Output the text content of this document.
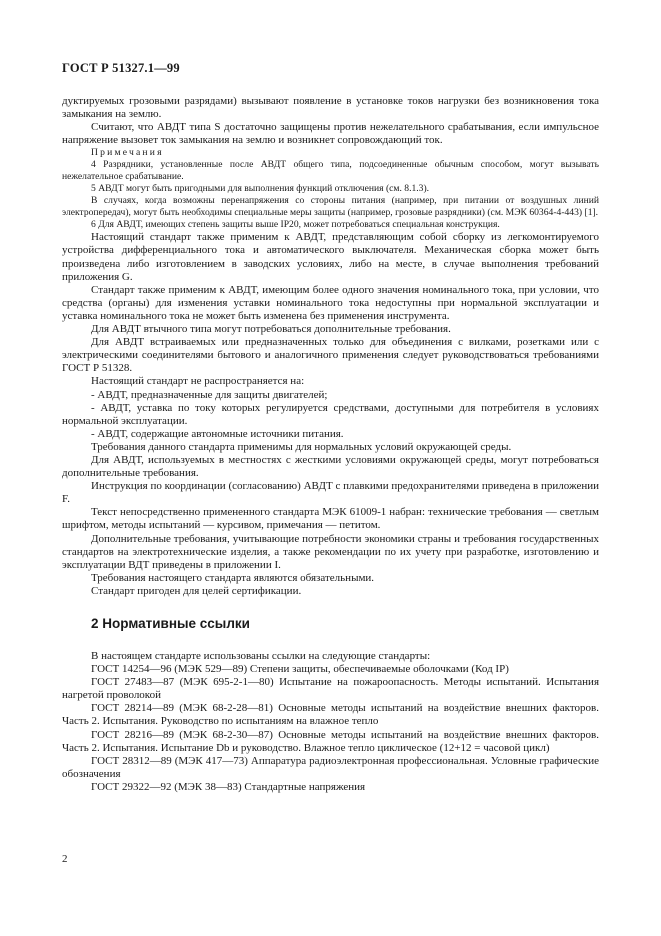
ГОСТ Р 51327.1—99

дуктируемых грозовыми разрядами) вызывают появление в установке токов нагрузки без возникновения тока замыкания на землю.

Считают, что АВДТ типа S достаточно защищены против нежелательного срабатывания, если импульсное напряжение вызовет ток замыкания на землю и возникнет сопровождающий ток.

Примечания

4 Разрядники, установленные после АВДТ общего типа, подсоединенные обычным способом, могут вызывать нежелательное срабатывание.

5 АВДТ могут быть пригодными для выполнения функций отключения (см. 8.1.3).

В случаях, когда возможны перенапряжения со стороны питания (например, при питании от воздушных линий электропередач), могут быть необходимы специальные меры защиты (например, грозовые разрядники) (см. МЭК 60364-4-443) [1].

6 Для АВДТ, имеющих степень защиты выше IP20, может потребоваться специальная конструкция.

Настоящий стандарт также применим к АВДТ, представляющим собой сборку из легкомонтируемого устройства дифференциального тока и автоматического выключателя. Механическая сборка может быть произведена либо изготовлением в заводских условиях, либо на месте, в случае выполнения требований приложения G.

Стандарт также применим к АВДТ, имеющим более одного значения номинального тока, при условии, что средства (органы) для изменения уставки номинального тока недоступны при нормальной эксплуатации и уставка номинального тока не может быть изменена без применения инструмента.

Для АВДТ втычного типа могут потребоваться дополнительные требования.

Для АВДТ встраиваемых или предназначенных только для объединения с вилками, розетками или с электрическими соединителями бытового и аналогичного применения следует руководствоваться требованиями ГОСТ Р 51328.

Настоящий стандарт не распространяется на:

- АВДТ, предназначенные для защиты двигателей;

- АВДТ, уставка по току которых регулируется средствами, доступными для потребителя в условиях нормальной эксплуатации.

- АВДТ, содержащие автономные источники питания.

Требования данного стандарта применимы для нормальных условий окружающей среды.

Для АВДТ, используемых в местностях с жесткими условиями окружающей среды, могут потребоваться дополнительные требования.

Инструкция по координации (согласованию) АВДТ с плавкими предохранителями приведена в приложении F.

Текст непосредственно примененного стандарта МЭК 61009-1 набран: технические требования — светлым шрифтом, методы испытаний — курсивом, примечания — петитом.

Дополнительные требования, учитывающие потребности экономики страны и требования государственных стандартов на электротехнические изделия, а также рекомендации по их учету при разработке, изготовлению и эксплуатации ВДТ приведены в приложении I.

Требования настоящего стандарта являются обязательными.

Стандарт пригоден для целей сертификации.

2 Нормативные ссылки

В настоящем стандарте использованы ссылки на следующие стандарты:

ГОСТ 14254—96 (МЭК 529—89) Степени защиты, обеспечиваемые оболочками (Код IP)

ГОСТ 27483—87 (МЭК 695-2-1—80) Испытание на пожароопасность. Методы испытаний. Испытания нагретой проволокой

ГОСТ 28214—89 (МЭК 68-2-28—81) Основные методы испытаний на воздействие внешних факторов. Часть 2. Испытания. Руководство по испытаниям на влажное тепло

ГОСТ 28216—89 (МЭК 68-2-30—87) Основные методы испытаний на воздействие внешних факторов. Часть 2. Испытания. Испытание Db и руководство. Влажное тепло циклическое (12+12 = часовой цикл)

ГОСТ 28312—89 (МЭК 417—73) Аппаратура радиоэлектронная профессиональная. Условные графические обозначения

ГОСТ 29322—92 (МЭК 38—83) Стандартные напряжения

2
